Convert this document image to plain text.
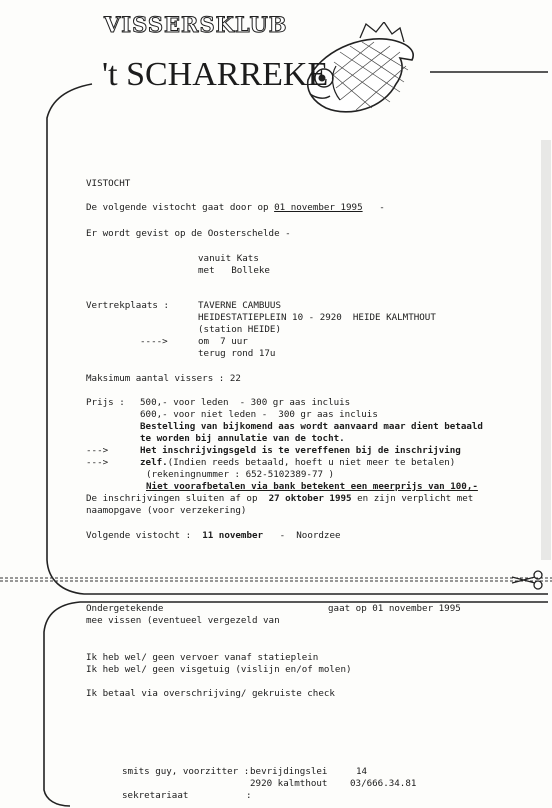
VISSERSKLUB
't SCHARREKE
VISTOCHT
De volgende vistocht gaat door op 01 november 1995 -
Er wordt gevist op de Oosterschelde -
vanuit Kats
met   Bolleke
Vertrekplaats :	TAVERNE CAMBUUS
HEIDESTATIEPLEIN 10 - 2920  HEIDE KALMTHOUT
(station HEIDE)
---->	om  7 uur
terug rond 17u
Maksimum aantal vissers : 22
Prijs : 500,- voor leden  - 300 gr aas incluis
600,- voor niet leden -  300 gr aas incluis
Bestelling van bijkomend aas wordt aanvaard maar dient betaald
te worden bij annulatie van de tocht.
--->	Het inschrijvingsgeld is te vereffenen bij de inschrijving
--->	zelf.(Indien reeds betaald, hoeft u niet meer te betalen)
(rekeningnummer : 652-5102389-77 )
Niet voorafbetalen via bank betekent een meerprijs van 100,-
De inschrijvingen sluiten af op 27 oktober 1995 en zijn verplicht met
naamopgave (voor verzekering)
Volgende vistocht : 11 november -  Noordzee
Ondergetekende	gaat op 01 november 1995
mee vissen (eventueel vergezeld van
Ik heb wel/ geen vervoer vanaf statieplein
Ik heb wel/ geen visgetuig (vislijn en/of molen)
Ik betaal via overschrijving/ gekruiste check
smits guy, voorzitter : bevrijdingslei	14
2920 kalmthout 03/666.34.81
sekretariaat	:
